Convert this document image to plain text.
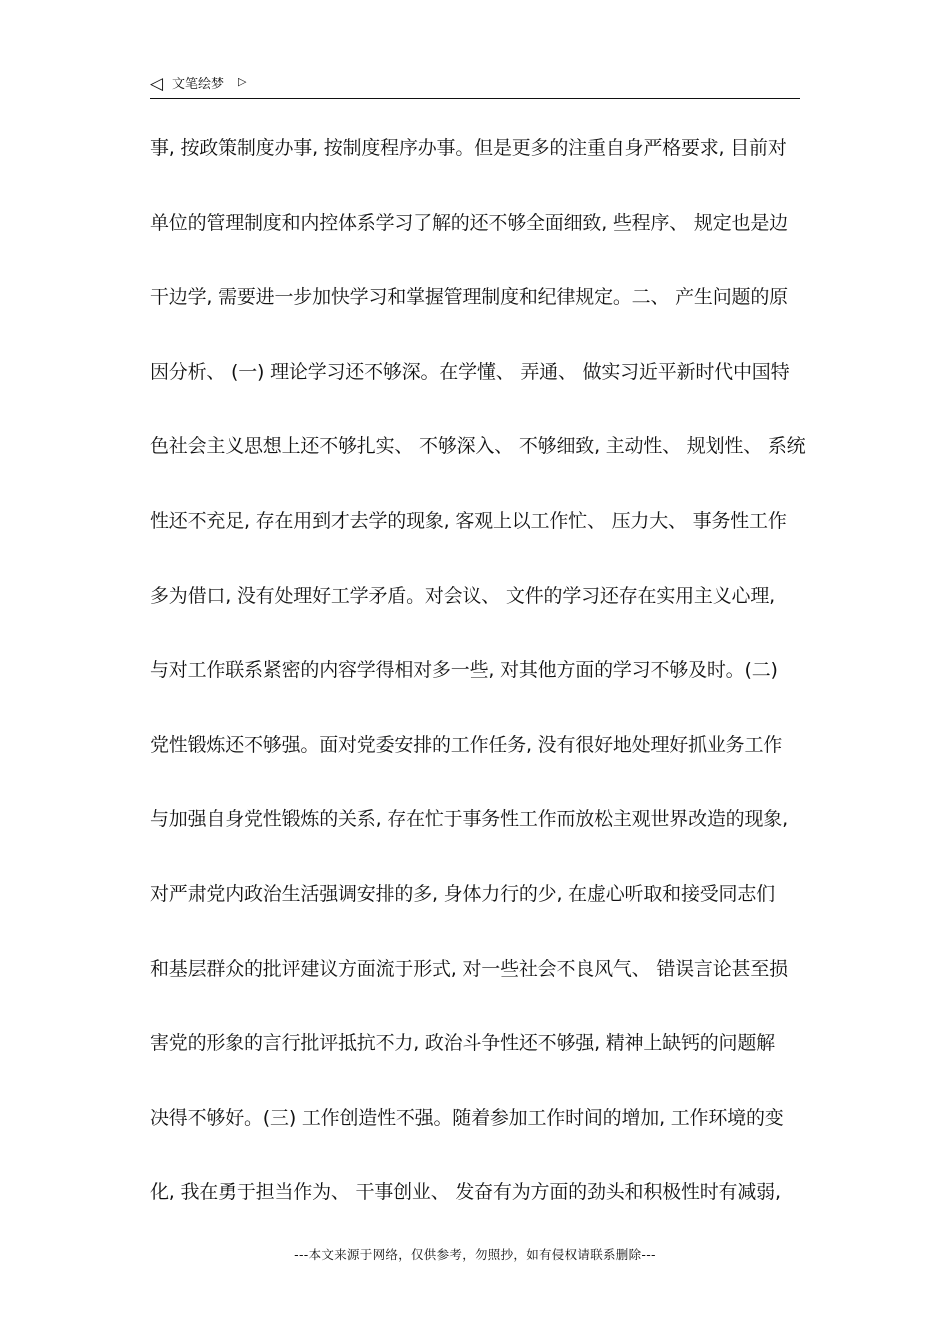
◁ 文笔绘梦 ▷
事, 按政策制度办事, 按制度程序办事。但是更多的注重自身严格要求, 目前对
单位的管理制度和内控体系学习了解的还不够全面细致, 些程序、 规定也是边
干边学, 需要进一步加快学习和掌握管理制度和纪律规定。二、 产生问题的原
因分析、 (一) 理论学习还不够深。在学懂、 弄通、 做实习近平新时代中国特
色社会主义思想上还不够扎实、 不够深入、 不够细致, 主动性、 规划性、 系统
性还不充足, 存在用到才去学的现象, 客观上以工作忙、 压力大、 事务性工作
多为借口, 没有处理好工学矛盾。对会议、 文件的学习还存在实用主义心理,
与对工作联系紧密的内容学得相对多一些, 对其他方面的学习不够及时。(二)
党性锻炼还不够强。面对党委安排的工作任务, 没有很好地处理好抓业务工作
与加强自身党性锻炼的关系, 存在忙于事务性工作而放松主观世界改造的现象,
对严肃党内政治生活强调安排的多, 身体力行的少, 在虚心听取和接受同志们
和基层群众的批评建议方面流于形式, 对一些社会不良风气、 错误言论甚至损
害党的形象的言行批评抵抗不力, 政治斗争性还不够强, 精神上缺钙的问题解
决得不够好。(三) 工作创造性不强。随着参加工作时间的增加, 工作环境的变
化, 我在勇于担当作为、 干事创业、 发奋有为方面的劲头和积极性时有减弱,
---本文来源于网络，仅供参考，勿照抄，如有侵权请联系删除---
